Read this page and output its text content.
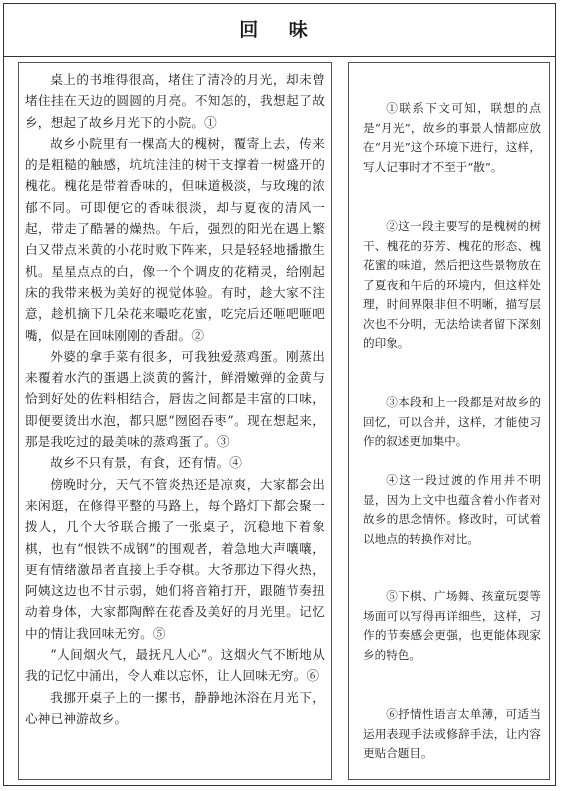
回 味

桌上的书堆得很高，堵住了清冷的月光，却未曾堵住挂在天边的圆圆的月亮。不知怎的，我想起了故乡，想起了故乡月光下的小院。①

故乡小院里有一棵高大的槐树，覆寄上去，传来的是粗糙的触感，坑坑洼洼的树干支撑着一树盛开的槐花。槐花是带着香味的，但味道极淡，与玫瑰的浓郁不同。可即便它的香味很淡，却与夏夜的清风一起，带走了酷暑的燥热。午后，强烈的阳光在遇上繁白又带点米黄的小花时败下阵来，只是轻轻地播撒生机。星星点点的白，像一个个调皮的花精灵，给刚起床的我带来极为美好的视觉体验。有时，趁大家不注意，趁机摘下几朵花来嘬吃花蜜，吃完后还咂吧咂吧嘴，似是在回味刚刚的香甜。②

外婆的拿手菜有很多，可我独爱蒸鸡蛋。刚蒸出来覆着水汽的蛋遇上淡黄的酱汁，鲜滑嫩弹的金黄与恰到好处的佐料相结合，唇齿之间都是丰富的口味，即便要烫出水泡，都只愿“囫囵吞枣”。现在想起来，那是我吃过的最美味的蒸鸡蛋了。③

故乡不只有景，有食，还有情。④

傍晚时分，天气不管炎热还是凉爽，大家都会出来闲逛，在修得平整的马路上，每个路灯下都会聚一拨人，几个大爷联合搬了一张桌子，沉稳地下着象棋，也有“恨铁不成钢”的围观者，着急地大声嚷嚷，更有情绪激昂者直接上手夺棋。大爷那边下得火热，阿姨这边也不甘示弱，她们将音箱打开，跟随节奏扭动着身体，大家都陶醉在花香及美好的月光里。记忆中的情让我回味无穷。⑤

“人间烟火气，最抚凡人心”。这烟火气不断地从我的记忆中涌出，令人难以忘怀，让人回味无穷。⑥

我挪开桌子上的一摞书，静静地沐浴在月光下，心神已神游故乡。

①联系下文可知，联想的点是“月光”，故乡的事景人情都应放在“月光”这个环境下进行，这样，写人记事时才不至于“散”。

②这一段主要写的是槐树的树干、槐花的芬芳、槐花的形态、槐花蜜的味道，然后把这些景物放在了夏夜和午后的环境内，但这样处理，时间界限非但不明晰，描写层次也不分明，无法给读者留下深刻的印象。

③本段和上一段都是对故乡的回忆，可以合并，这样，才能使习作的叙述更加集中。

④这一段过渡的作用并不明显，因为上文中也蕴含着小作者对故乡的思念情怀。修改时，可试着以地点的转换作对比。

⑤下棋、广场舞、孩童玩耍等场面可以写得再详细些，这样，习作的节奏感会更强，也更能体现家乡的特色。

⑥抒情性语言太单薄，可适当运用表现手法或修辞手法，让内容更贴合题目。
